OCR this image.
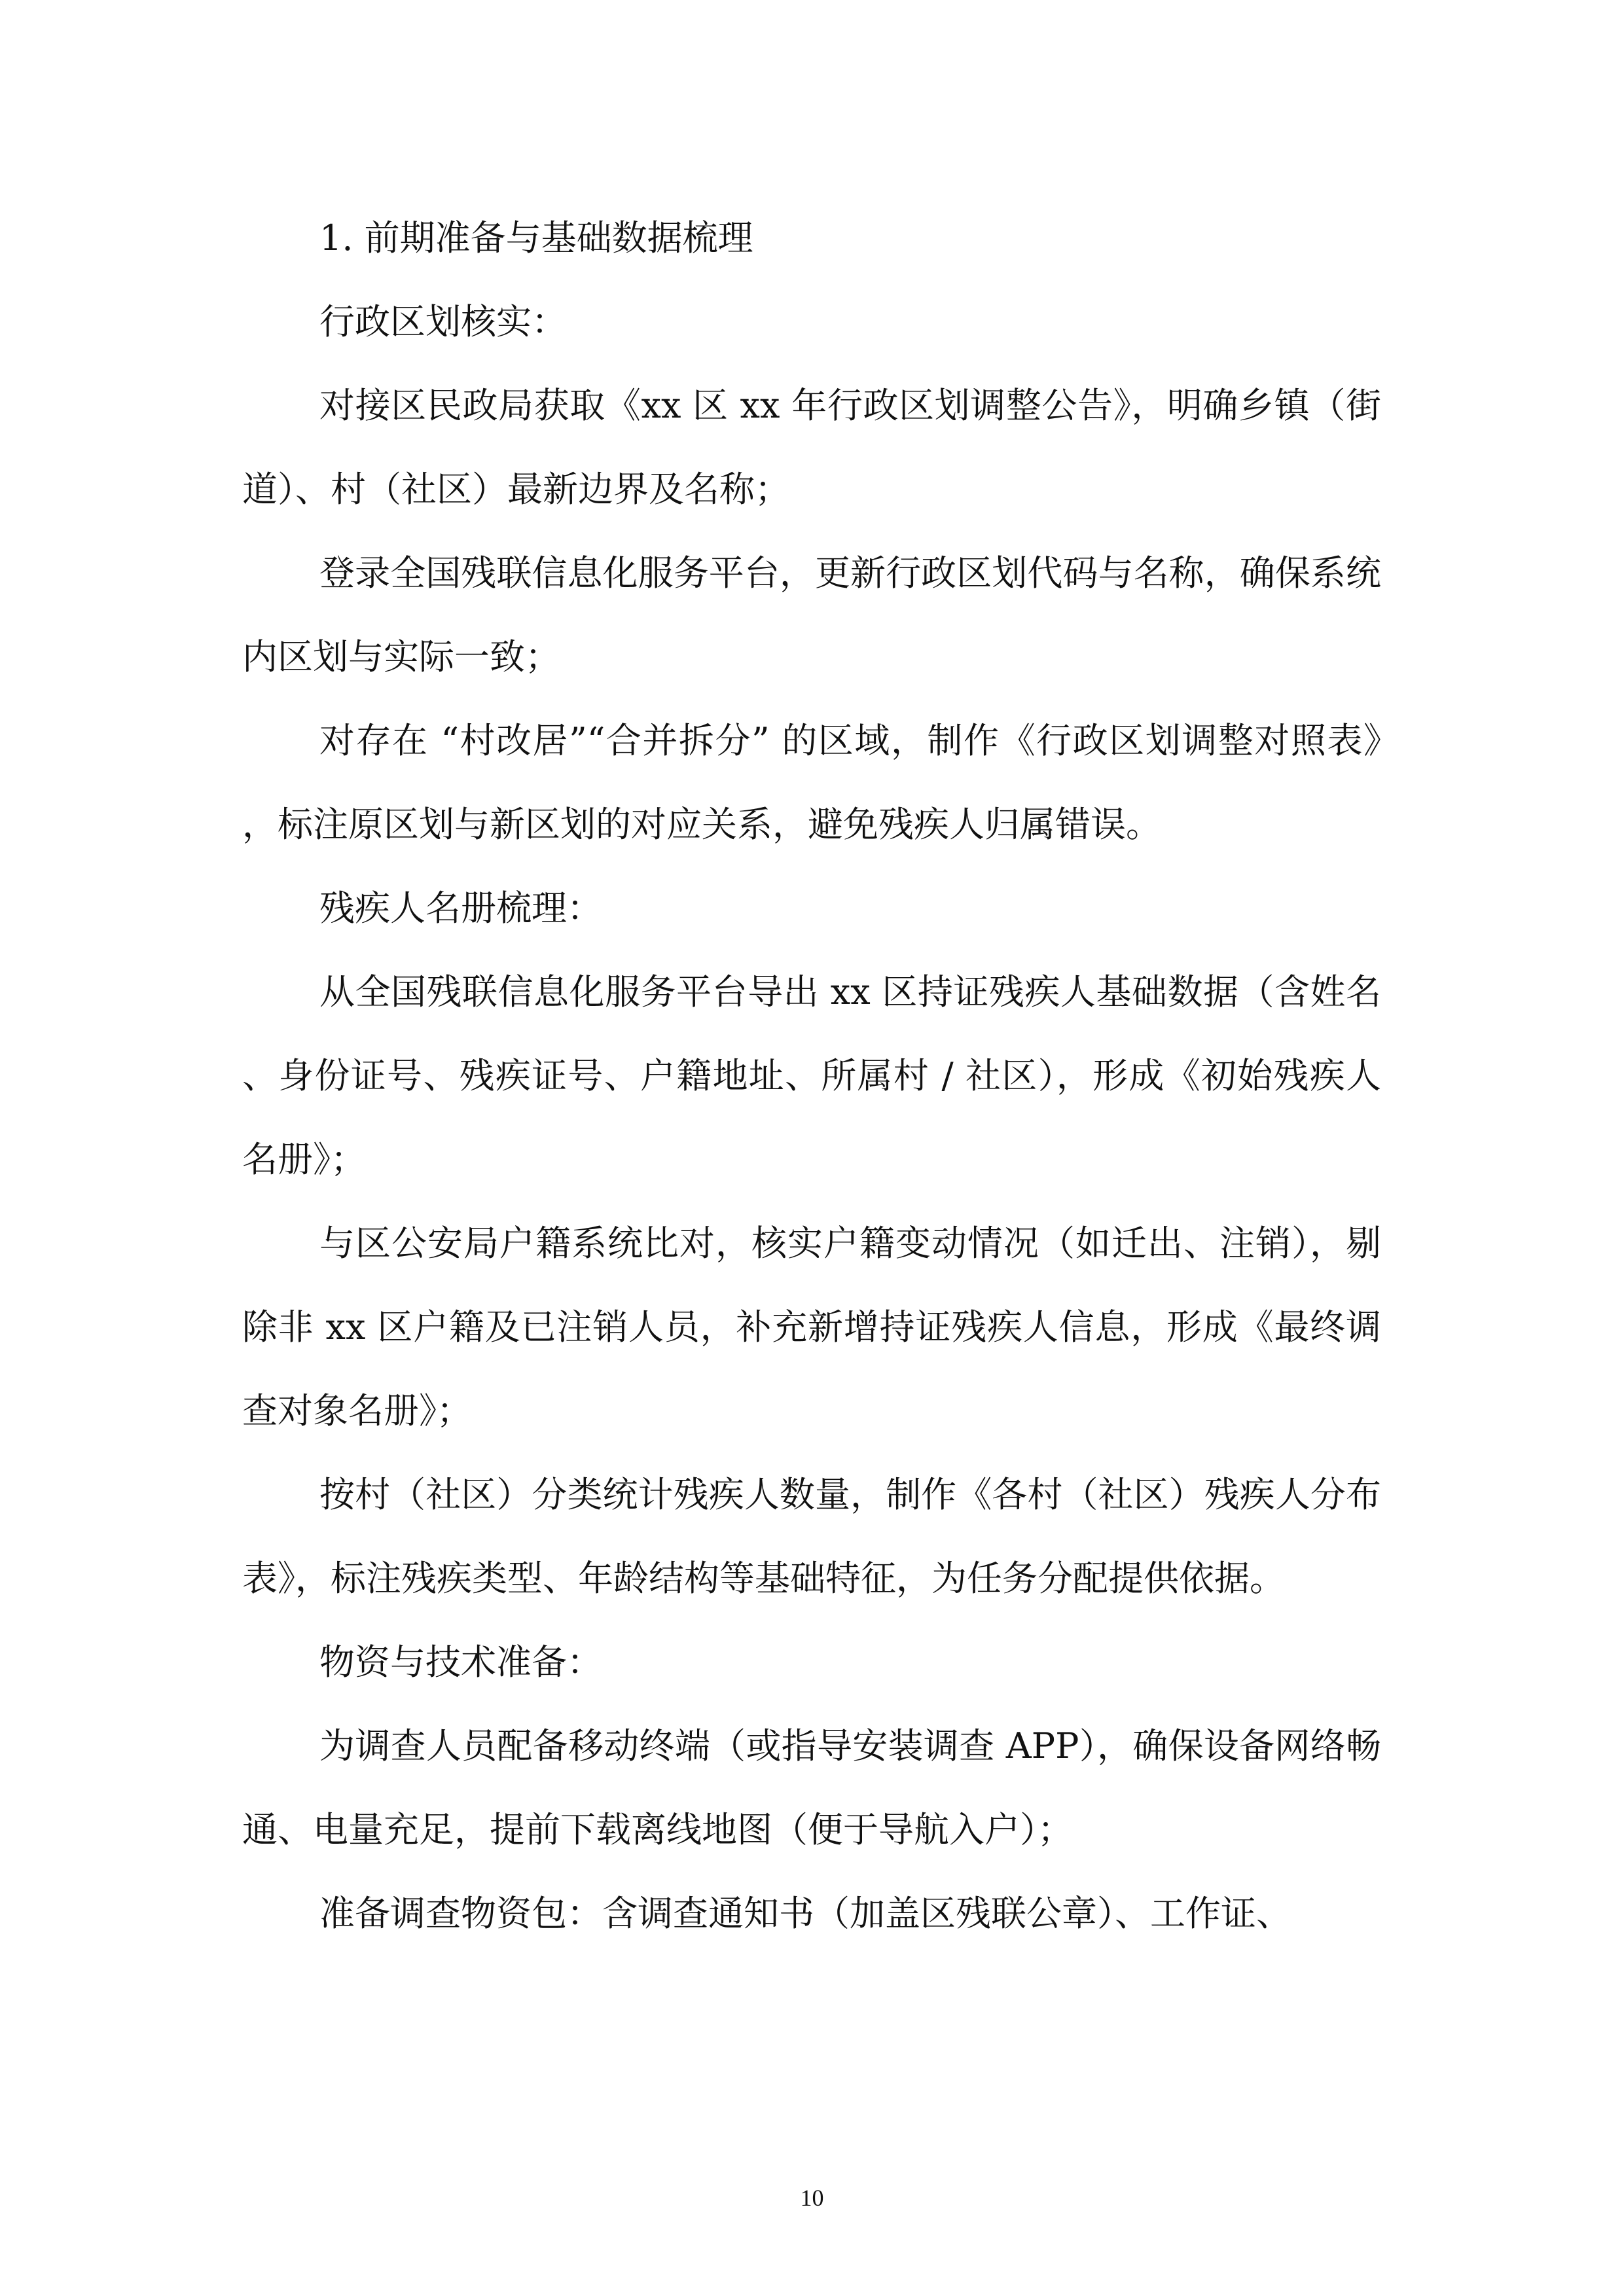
1. 前期准备与基础数据梳理

行政区划核实：

对接区民政局获取《xx 区 xx 年行政区划调整公告》，明确乡镇（街道）、村（社区）最新边界及名称；

登录全国残联信息化服务平台，更新行政区划代码与名称，确保系统内区划与实际一致；

对存在 “村改居”“合并拆分” 的区域，制作《行政区划调整对照表》，标注原区划与新区划的对应关系，避免残疾人归属错误。

残疾人名册梳理：

从全国残联信息化服务平台导出 xx 区持证残疾人基础数据（含姓名、身份证号、残疾证号、户籍地址、所属村 / 社区），形成《初始残疾人名册》；

与区公安局户籍系统比对，核实户籍变动情况（如迁出、注销），剔除非 xx 区户籍及已注销人员，补充新增持证残疾人信息，形成《最终调查对象名册》；

按村（社区）分类统计残疾人数量，制作《各村（社区）残疾人分布表》，标注残疾类型、年龄结构等基础特征，为任务分配提供依据。

物资与技术准备：

为调查人员配备移动终端（或指导安装调查 APP），确保设备网络畅通、电量充足，提前下载离线地图（便于导航入户）；

准备调查物资包：含调查通知书（加盖区残联公章）、工作证、

10
